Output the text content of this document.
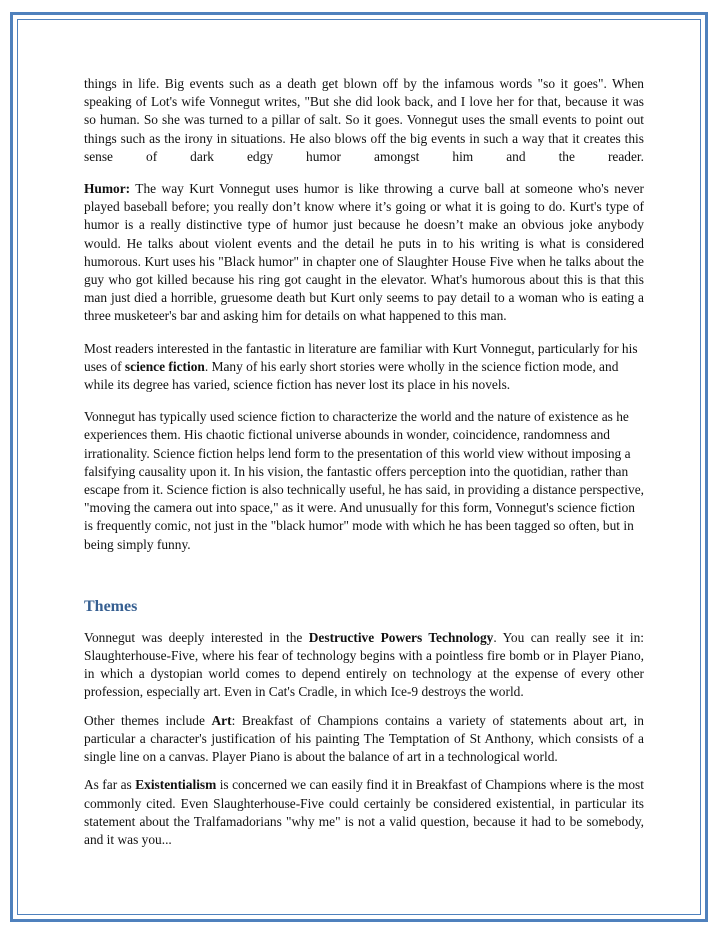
things in life. Big events such as a death get blown off by the infamous words "so it goes". When speaking of Lot's wife Vonnegut writes, "But she did look back, and I love her for that, because it was so human. So she was turned to a pillar of salt. So it goes. Vonnegut uses the small events to point out things such as the irony in situations. He also blows off the big events in such a way that it creates this sense of dark edgy humor amongst him and the reader.

Humor: The way Kurt Vonnegut uses humor is like throwing a curve ball at someone who's never played baseball before; you really don’t know where it’s going or what it is going to do. Kurt's type of humor is a really distinctive type of humor just because he doesn’t make an obvious joke anybody would. He talks about violent events and the detail he puts in to his writing is what is considered humorous. Kurt uses his "Black humor" in chapter one of Slaughter House Five when he talks about the guy who got killed because his ring got caught in the elevator. What's humorous about this is that this man just died a horrible, gruesome death but Kurt only seems to pay detail to a woman who is eating a three musketeer's bar and asking him for details on what happened to this man.

Most readers interested in the fantastic in literature are familiar with Kurt Vonnegut, particularly for his uses of science fiction. Many of his early short stories were wholly in the science fiction mode, and while its degree has varied, science fiction has never lost its place in his novels.

Vonnegut has typically used science fiction to characterize the world and the nature of existence as he experiences them. His chaotic fictional universe abounds in wonder, coincidence, randomness and irrationality. Science fiction helps lend form to the presentation of this world view without imposing a falsifying causality upon it. In his vision, the fantastic offers perception into the quotidian, rather than escape from it. Science fiction is also technically useful, he has said, in providing a distance perspective, "moving the camera out into space," as it were. And unusually for this form, Vonnegut's science fiction is frequently comic, not just in the "black humor" mode with which he has been tagged so often, but in being simply funny.

Themes

Vonnegut was deeply interested in the Destructive Powers Technology. You can really see it in: Slaughterhouse-Five, where his fear of technology begins with a pointless fire bomb or in Player Piano, in which a dystopian world comes to depend entirely on technology at the expense of every other profession, especially art. Even in Cat's Cradle, in which Ice-9 destroys the world.

Other themes include Art: Breakfast of Champions contains a variety of statements about art, in particular a character's justification of his painting The Temptation of St Anthony, which consists of a single line on a canvas. Player Piano is about the balance of art in a technological world.

As far as Existentialism is concerned we can easily find it in Breakfast of Champions where is the most commonly cited. Even Slaughterhouse-Five could certainly be considered existential, in particular its statement about the Tralfamadorians "why me" is not a valid question, because it had to be somebody, and it was you...
